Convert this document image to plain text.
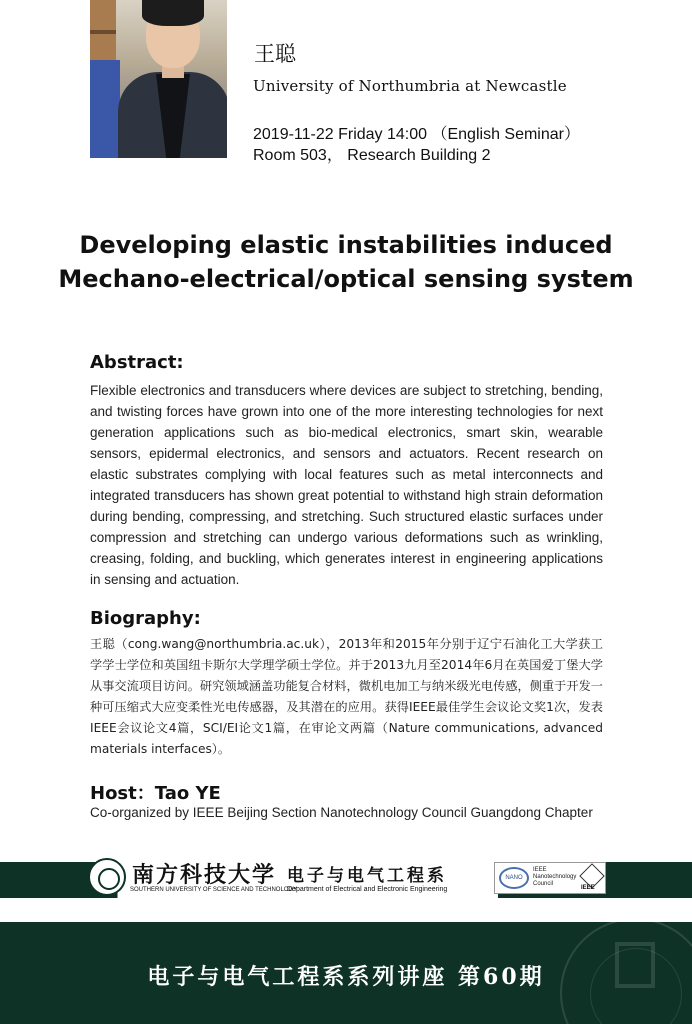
王聪
University of Northumbria at Newcastle
2019-11-22 Friday 14:00 （English Seminar）
Room 503， Research Building 2
Developing elastic instabilities induced
Mechano-electrical/optical sensing system
Abstract:
Flexible electronics and transducers where devices are subject to stretching, bending, and twisting forces have grown into one of the more interesting technologies for next generation applications such as bio-medical electronics, smart skin, wearable sensors, epidermal electronics, and sensors and actuators. Recent research on elastic substrates complying with local features such as metal interconnects and integrated transducers has shown great potential to withstand high strain deformation during bending, compressing, and stretching. Such structured elastic surfaces under compression and stretching can undergo various deformations such as wrinkling, creasing, folding, and buckling, which generates interest in engineering applications in sensing and actuation.
Biography:
王聪（cong.wang@northumbria.ac.uk），2013年和2015年分别于辽宁石油化工大学获工学学士学位和英国纽卡斯尔大学理学硕士学位。并于2013九月至2014年6月在英国爱丁堡大学从事交流项目访问。研究领域涵盖功能复合材料，微机电加工与纳米级光电传感，侧重于开发一种可压缩式大应变柔性光电传感器，及其潜在的应用。获得IEEE最佳学生会议论文奖1次，发表IEEE会议论文4篇，SCI/EI论文1篇，在审论文两篇（Nature communications, advanced materials interfaces）。
Host：Tao YE
Co-organized by IEEE Beijing Section Nanotechnology Council Guangdong Chapter
南方科技大学
SOUTHERN UNIVERSITY OF SCIENCE AND TECHNOLOGY
电子与电气工程系
Department of Electrical and Electronic Engineering
NANO
IEEE Nanotechnology Council
IEEE
电子与电气工程系系列讲座 第60期
